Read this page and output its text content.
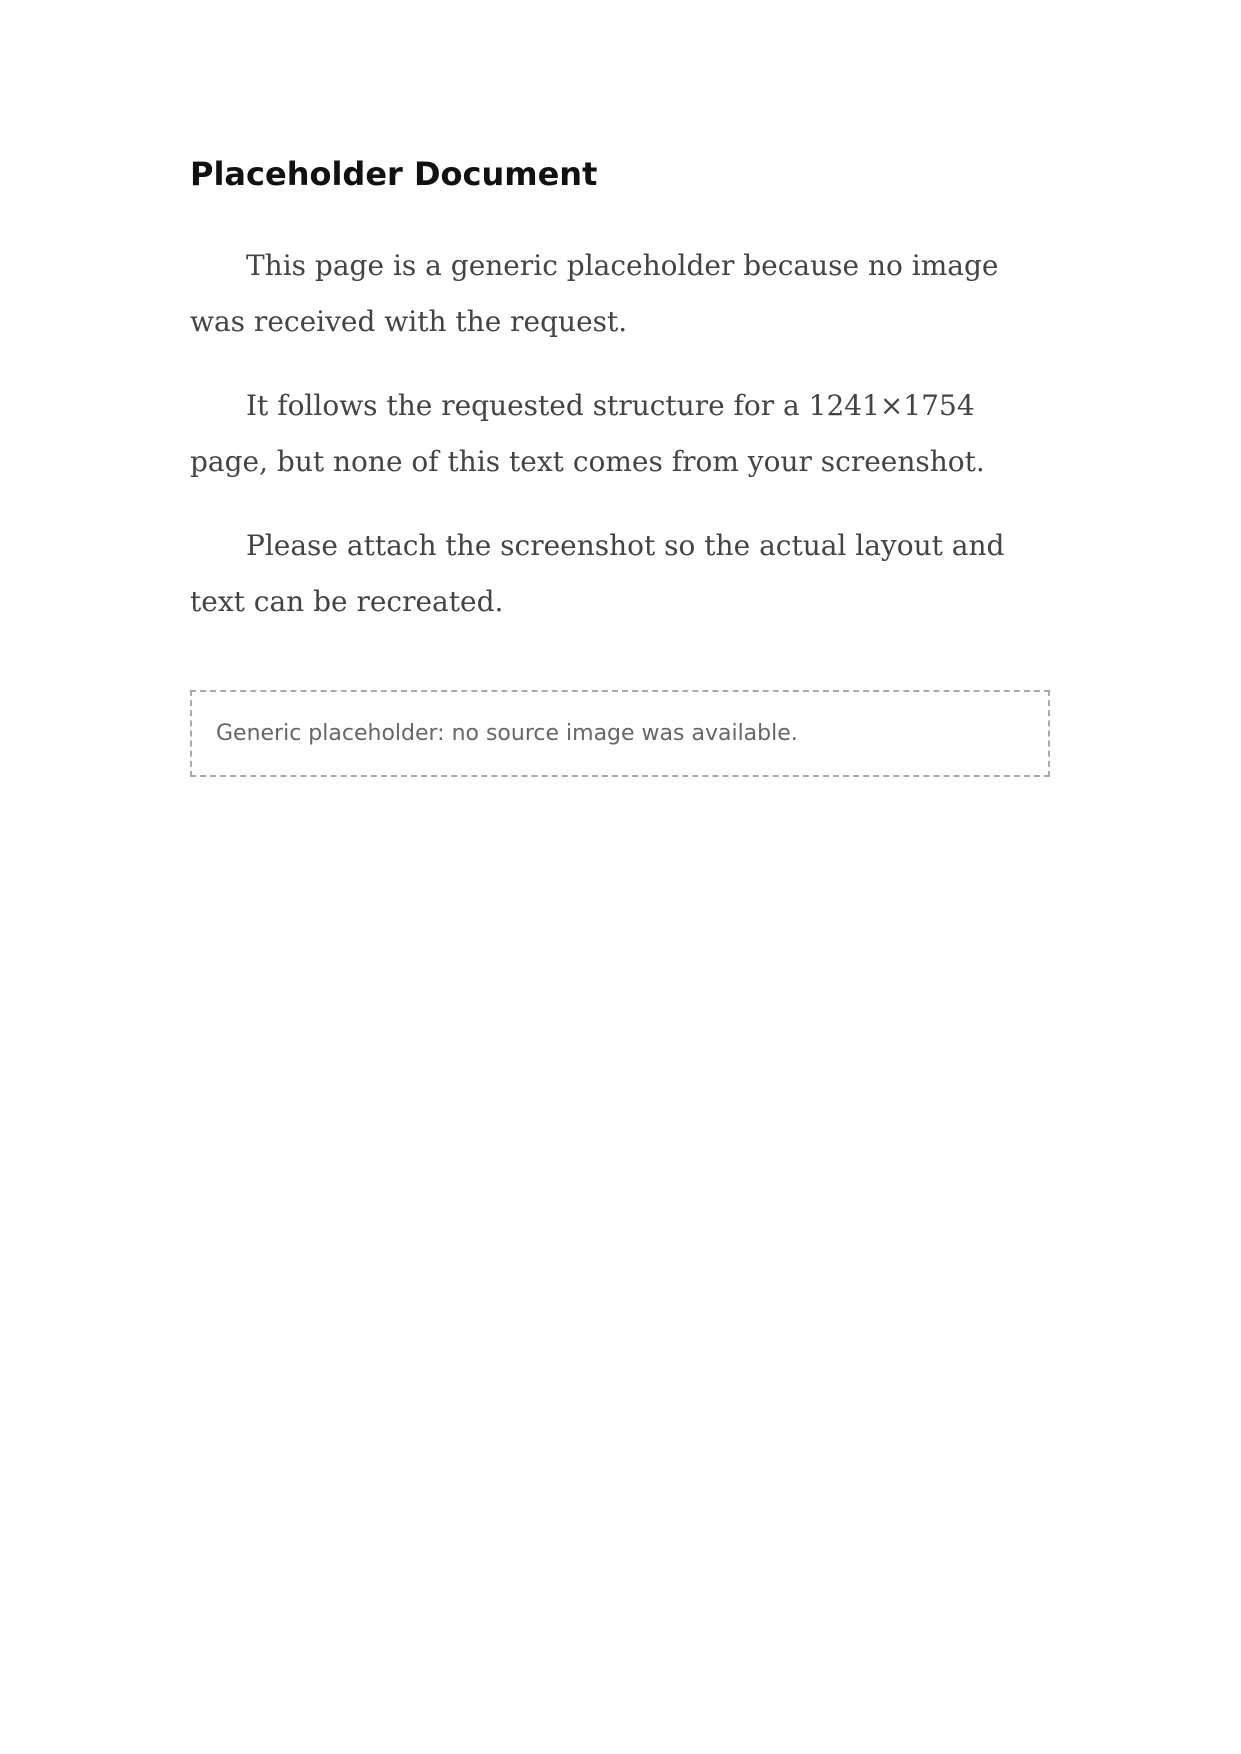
Placeholder Document

This page is a generic placeholder because no image was received with the request.

It follows the requested structure for a 1241×1754 page, but none of this text comes from your screenshot.

Please attach the screenshot so the actual layout and text can be recreated.

Generic placeholder: no source image was available.
